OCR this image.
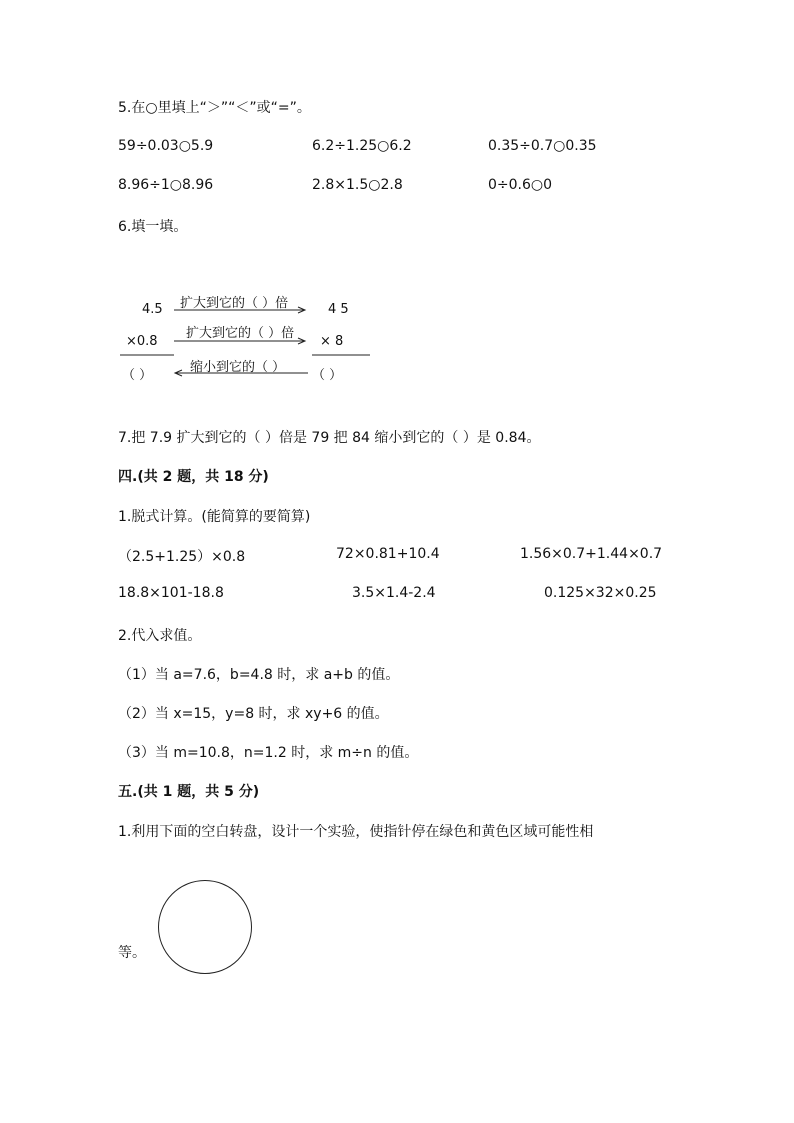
5.在○里填上“＞”“＜”或“=”。
59÷0.03○5.9	6.2÷1.25○6.2	0.35÷0.7○0.35
8.96÷1○8.96	2.8×1.5○2.8	0÷0.6○0
6.填一填。
4.5 扩大到它的（ ）倍	4 5
×0.8
扩大到它的（ ）倍
× 8
缩小到它的（ ）
（ ）	（ ）
7.把 7.9 扩大到它的（ ）倍是 79 把 84 缩小到它的（ ）是 0.84。
四.(共 2 题，共 18 分)
1.脱式计算。(能简算的要简算)
（2.5+1.25）×0.8	72×0.81+10.4	1.56×0.7+1.44×0.7
18.8×101-18.8	3.5×1.4-2.4	0.125×32×0.25
2.代入求值。
（1）当 a=7.6，b=4.8 时，求 a+b 的值。
（2）当 x=15，y=8 时，求 xy+6 的值。
（3）当 m=10.8，n=1.2 时，求 m÷n 的值。
五.(共 1 题，共 5 分)
1.利用下面的空白转盘，设计一个实验，使指针停在绿色和黄色区域可能性相
等。
